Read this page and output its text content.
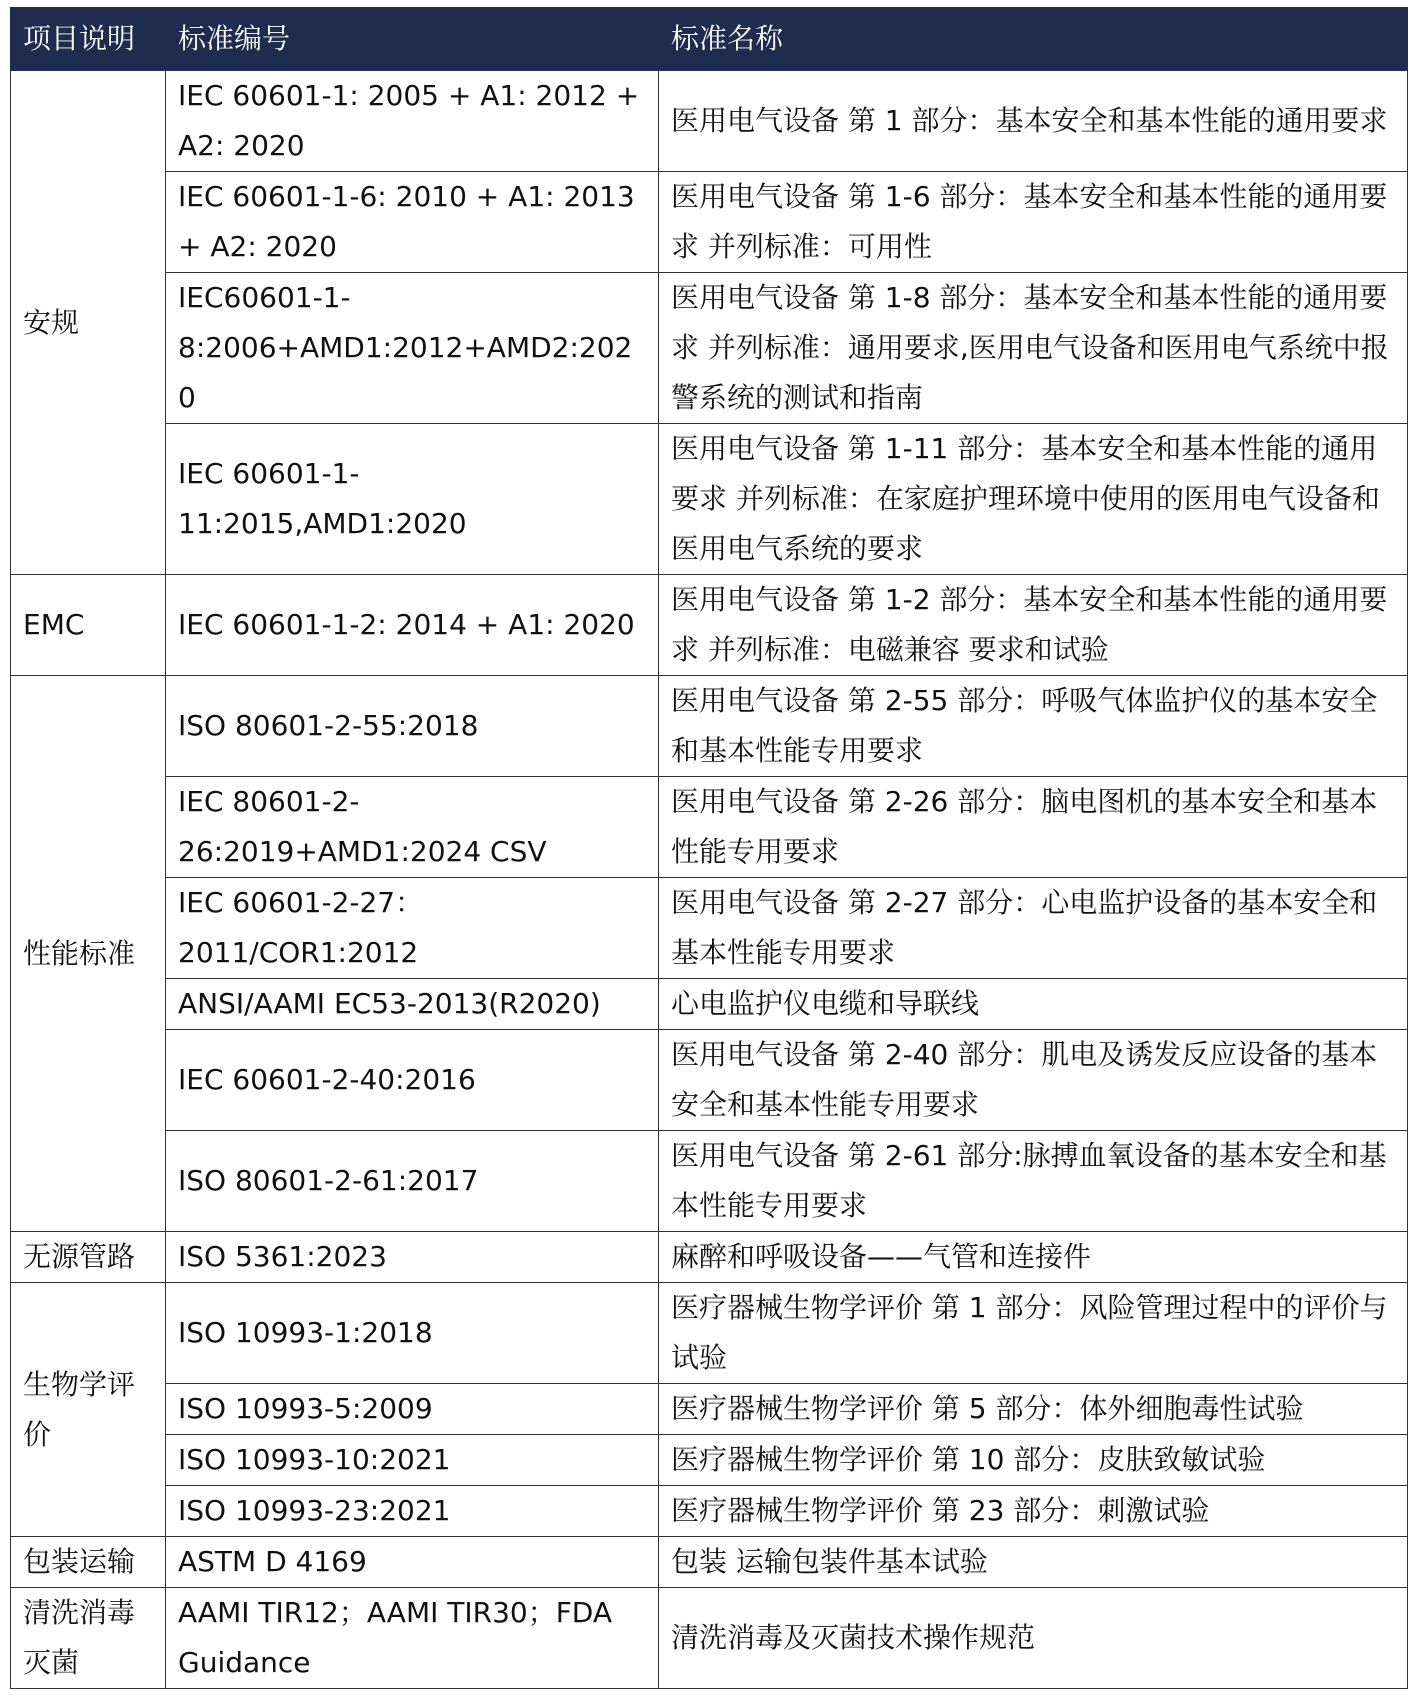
项目说明	标准编号	标准名称
安规	IEC 60601-1: 2005 + A1: 2012 + A2: 2020	医用电气设备 第 1 部分：基本安全和基本性能的通用要求
	IEC 60601-1-6: 2010 + A1: 2013 + A2: 2020	医用电气设备 第 1-6 部分：基本安全和基本性能的通用要求 并列标准：可用性
	IEC60601-1-8:2006+AMD1:2012+AMD2:2020	医用电气设备 第 1-8 部分：基本安全和基本性能的通用要求 并列标准：通用要求,医用电气设备和医用电气系统中报警系统的测试和指南
	IEC 60601-1-11:2015,AMD1:2020	医用电气设备 第 1-11 部分：基本安全和基本性能的通用要求 并列标准：在家庭护理环境中使用的医用电气设备和医用电气系统的要求
EMC	IEC 60601-1-2: 2014 + A1: 2020	医用电气设备 第 1-2 部分：基本安全和基本性能的通用要求 并列标准：电磁兼容 要求和试验
性能标准	ISO 80601-2-55:2018	医用电气设备 第 2-55 部分：呼吸气体监护仪的基本安全和基本性能专用要求
	IEC 80601-2-26:2019+AMD1:2024 CSV	医用电气设备 第 2-26 部分：脑电图机的基本安全和基本性能专用要求
	IEC 60601-2-27：2011/COR1:2012	医用电气设备 第 2-27 部分：心电监护设备的基本安全和基本性能专用要求
	ANSI/AAMI EC53-2013(R2020)	心电监护仪电缆和导联线
	IEC 60601-2-40:2016	医用电气设备 第 2-40 部分：肌电及诱发反应设备的基本安全和基本性能专用要求
	ISO 80601-2-61:2017	医用电气设备 第 2-61 部分:脉搏血氧设备的基本安全和基本性能专用要求
无源管路	ISO 5361:2023	麻醉和呼吸设备——气管和连接件
生物学评价	ISO 10993-1:2018	医疗器械生物学评价 第 1 部分：风险管理过程中的评价与试验
	ISO 10993-5:2009	医疗器械生物学评价 第 5 部分：体外细胞毒性试验
	ISO 10993-10:2021	医疗器械生物学评价 第 10 部分：皮肤致敏试验
	ISO 10993-23:2021	医疗器械生物学评价 第 23 部分：刺激试验
包装运输	ASTM D 4169	包装 运输包装件基本试验
清洗消毒灭菌	AAMI TIR12；AAMI TIR30；FDA Guidance	清洗消毒及灭菌技术操作规范
